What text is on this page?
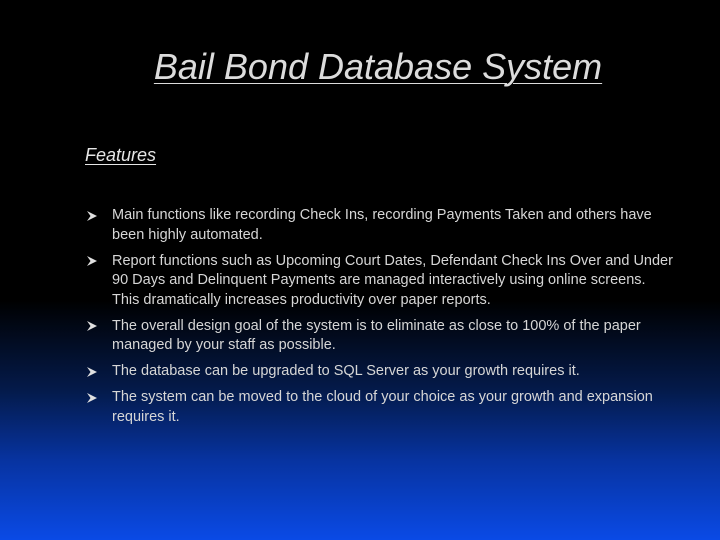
Bail Bond Database System
Features
Main functions like recording Check Ins, recording Payments Taken and others have been highly automated.
Report functions such as Upcoming Court Dates, Defendant Check Ins Over and Under 90 Days and Delinquent Payments are managed interactively using online screens. This dramatically increases productivity over paper reports.
The overall design goal of the system is to eliminate as close to 100% of the paper managed by your staff as possible.
The database can be upgraded to SQL Server as your growth requires it.
The system can be moved to the cloud of your choice as your growth and expansion requires it.
